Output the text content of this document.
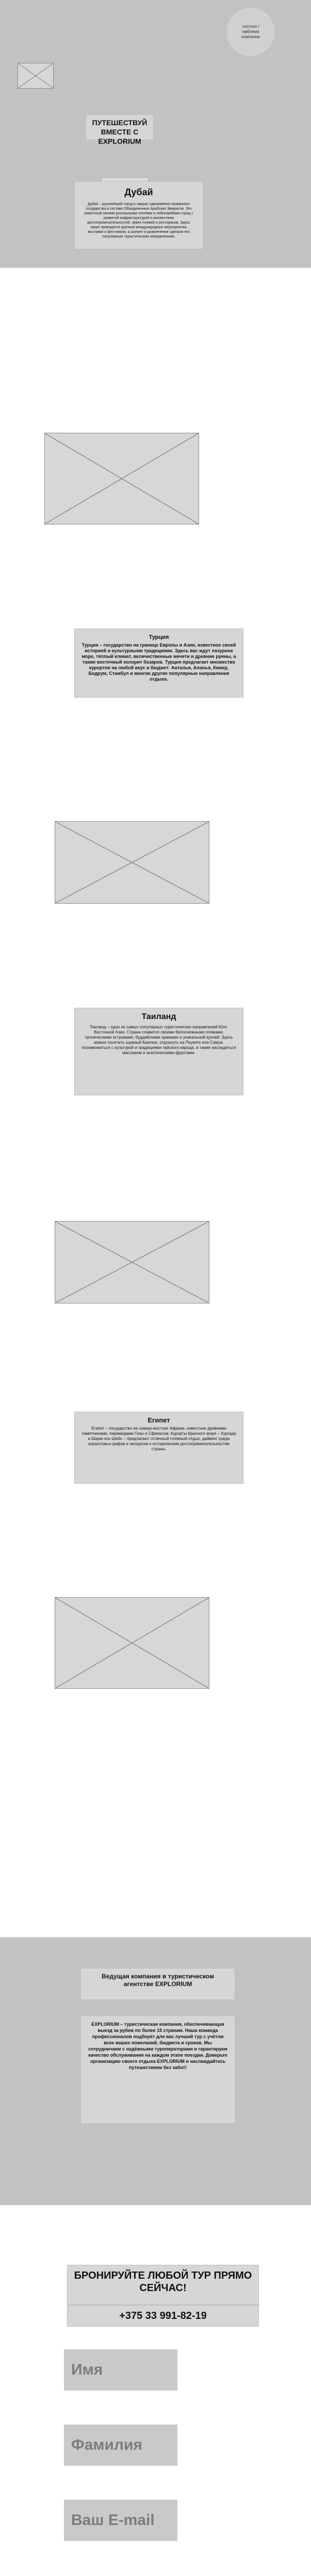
логотип / эмблема компании
ПУТЕШЕСТВУЙ ВМЕСТЕ С EXPLORIUM
Дубай
Дубай – крупнейший город и эмират одноимённо названного государства в составе Объединенных Арабских Эмиратов. Это известный своими роскошными отелями и небоскребами город с развитой инфраструктурой и множеством достопримечательностей, ярких пляжей и ресторанов. Здесь также проводятся крупные международные мероприятия, выставки и фестивали, а шопинг и развлечения сделали его популярным туристическим направлением.
Турция
Турция – государство на границе Европы и Азии, известное своей историей и культурными традициями. Здесь вас ждут лазурное море, тёплый климат, величественные мечети и древние руины, а также восточный колорит базаров. Турция предлагает множество курортов на любой вкус и бюджет: Анталья, Аланья, Кемер, Бодрум, Стамбул и многие другие популярные направления отдыха.
Таиланд
Таиланд – одно из самых популярных туристических направлений Юго-Восточной Азии. Страна славится своими белоснежными пляжами, тропическими островами, буддийскими храмами и уникальной кухней. Здесь можно посетить шумный Бангкок, отдохнуть на Пхукете или Самуи, познакомиться с культурой и традициями тайского народа, а также насладиться массажем и экзотическими фруктами.
Египет
Египет – государство на северо-востоке Африки, известное древними памятниками, пирамидами Гизы и Сфинксом. Курорты Красного моря – Хургада и Шарм-эль-Шейх – предлагают отличный пляжный отдых, дайвинг среди коралловых рифов и экскурсии к историческим достопримечательностям страны.
Ведущая компания в туристическом агентстве EXPLORIUM
EXPLORIUM – туристическая компания, обеспечивающая выезд за рубеж по более 15 странам. Наша команда профессионалов подберёт для вас лучший тур с учётом всех ваших пожеланий, бюджета и сроков. Мы сотрудничаем с надёжными туроператорами и гарантируем качество обслуживания на каждом этапе поездки. Доверьте организацию своего отдыха EXPLORIUM и наслаждайтесь путешествием без забот!
БРОНИРУЙТЕ ЛЮБОЙ ТУР ПРЯМО СЕЙЧАС!
+375 33 991-82-19
Имя
Фамилия
Ваш E-mail
